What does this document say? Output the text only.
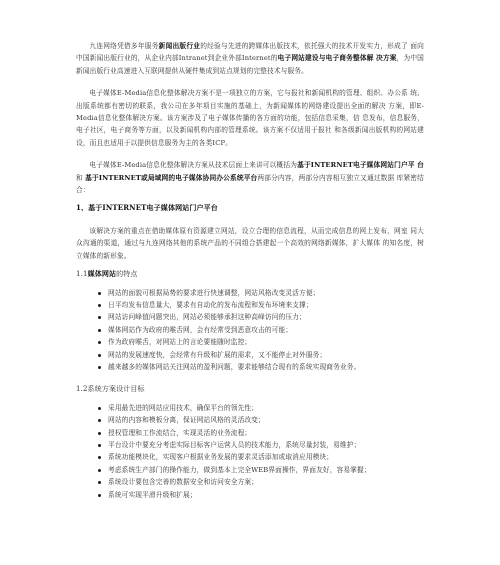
九连网络凭借多年服务新闻出版行业的经验与先进的跨媒体出版技术，依托强大的技术开发实力，形成了 面向中国新闻出版行业的，从企业内部Intranet到企业外部Internet的电子网站建设与电子商务整体解 决方案，为中国新闻出版行业高速进入互联网提供从硬件集成到站点规划的完整技术与服务。

电子媒体E-Media信息化整体解决方案不是一项独立的方案，它与报社和新闻机构的管理、组织、办公系 统、出版系统都有密切的联系，我公司在多年项目实施的基础上，为新闻媒体的网络建设提出全面的解决 方案，即E-Media信息化整体解决方案。该方案涉及了电子媒体传播的各方面的功能，包括信息采集，信 息发布，信息服务，电子社区，电子商务等方面，以及新闻机构内部的管理系统。该方案不仅适用于报社 和各级新闻出版机构的网站建设，而且也适用于以提供信息服务为主的各类ICP。

电子媒体E-Media信息化整体解决方案从技术层面上来讲可以概括为基于INTERNET电子媒体网站门户平 台和 基于INTERNET或局域网的电子媒体协同办公系统平台两部分内容，两部分内容相互独立又通过数据 库紧密结合：

1、基于INTERNET电子媒体网站门户平台

该解决方案的重点在借助媒体原有资源建立网站，设立合理的信息流程，从而完成信息的网上发布，网室 同大众沟通的渠道，通过与九连网络其他的系统产品的不同组合搭建起一个高效的网络新媒体，扩大媒体 的知名度，树立媒体的新形象。

1.1媒体网站的特点

网站的面貌可根据局势的要求进行快速调整，网站风格改变灵活方便；
日平均发布信息量大，要求有自动化的发布流程和发布环境来支撑；
网站访问峰值问题突出，网站必须能够承担这种高峰访问的压力；
媒体网站作为政府的喉舌网，会有经常受到恶意攻击的可能；
作为政府喉舌，对网站上的言论要能随时监控；
网站的发展速度快，会经常有升级和扩展的需求，又不能停止对外服务；
越来越多的媒体网站关注网站的盈利问题，要求能够结合现有的系统实现商务业务。

1.2系统方案设计目标

采用最先进的网站应用技术，确保平台的领先性；
网站的内容和模板分离，保证网站风格的灵活改变；
授权管理和工作流结合，实现灵活的业务流程；
平台设计中要充分考虑实际目标客户运营人员的技术能力，系统尽量封装，易维护；
系统功能模块化，实现客户根据业务发展的要求灵活添加或取消应用模块；
考虑系统生产部门的操作能力，做到基本上完全WEB界面操作，界面友好，容易掌握；
系统设计要包含完善的数据安全和访问安全方案；
系统可实现平滑升级和扩展；
